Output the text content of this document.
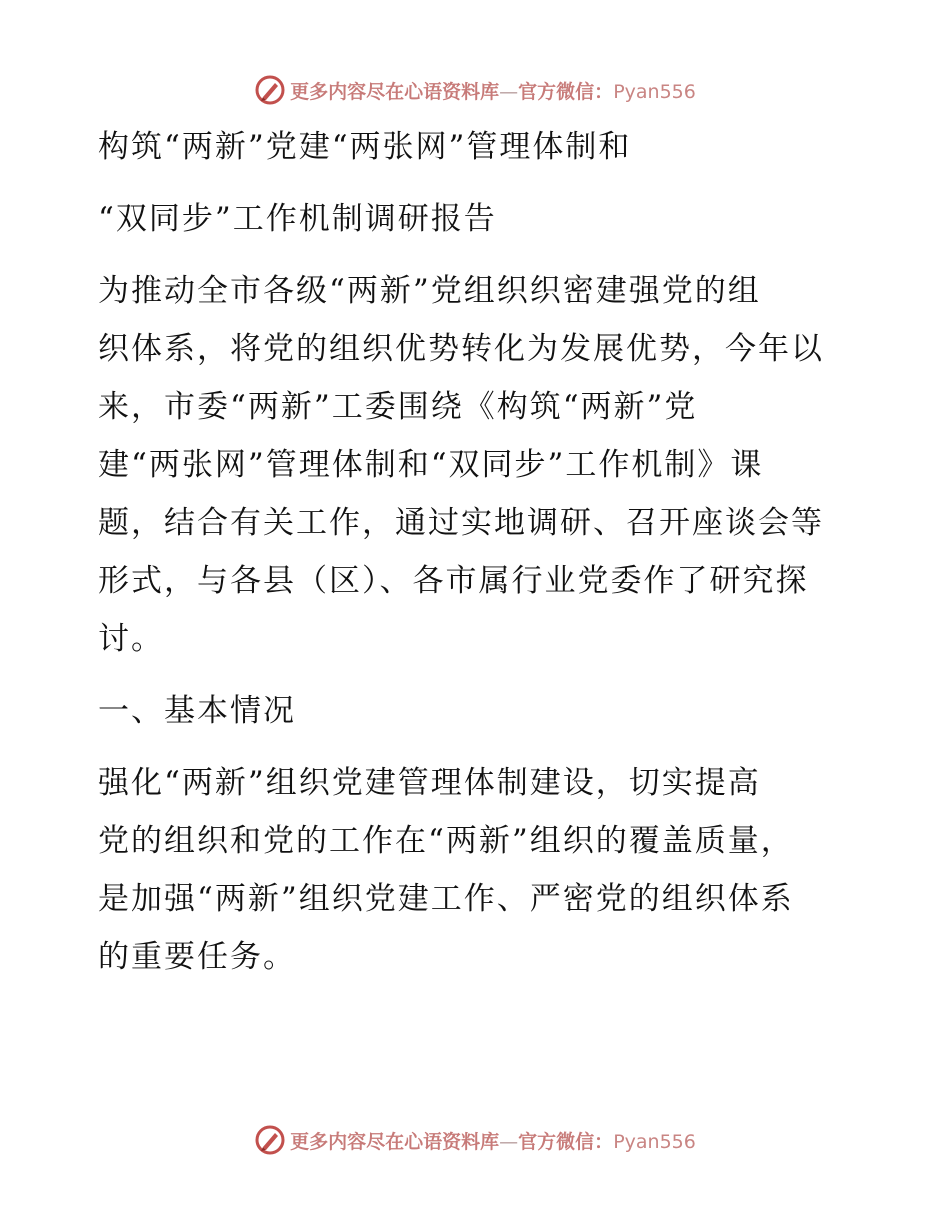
更多内容尽在心语资料库—官方微信：Pyan556
构筑“两新”党建“两张网”管理体制和
“双同步”工作机制调研报告
为推动全市各级“两新”党组织织密建强党的组
织体系，将党的组织优势转化为发展优势，今年以
来，市委“两新”工委围绕《构筑“两新”党
建“两张网”管理体制和“双同步”工作机制》课
题，结合有关工作，通过实地调研、召开座谈会等
形式，与各县（区）、各市属行业党委作了研究探
讨。
一、基本情况
强化“两新”组织党建管理体制建设，切实提高
党的组织和党的工作在“两新”组织的覆盖质量，
是加强“两新”组织党建工作、严密党的组织体系
的重要任务。
更多内容尽在心语资料库—官方微信：Pyan556
